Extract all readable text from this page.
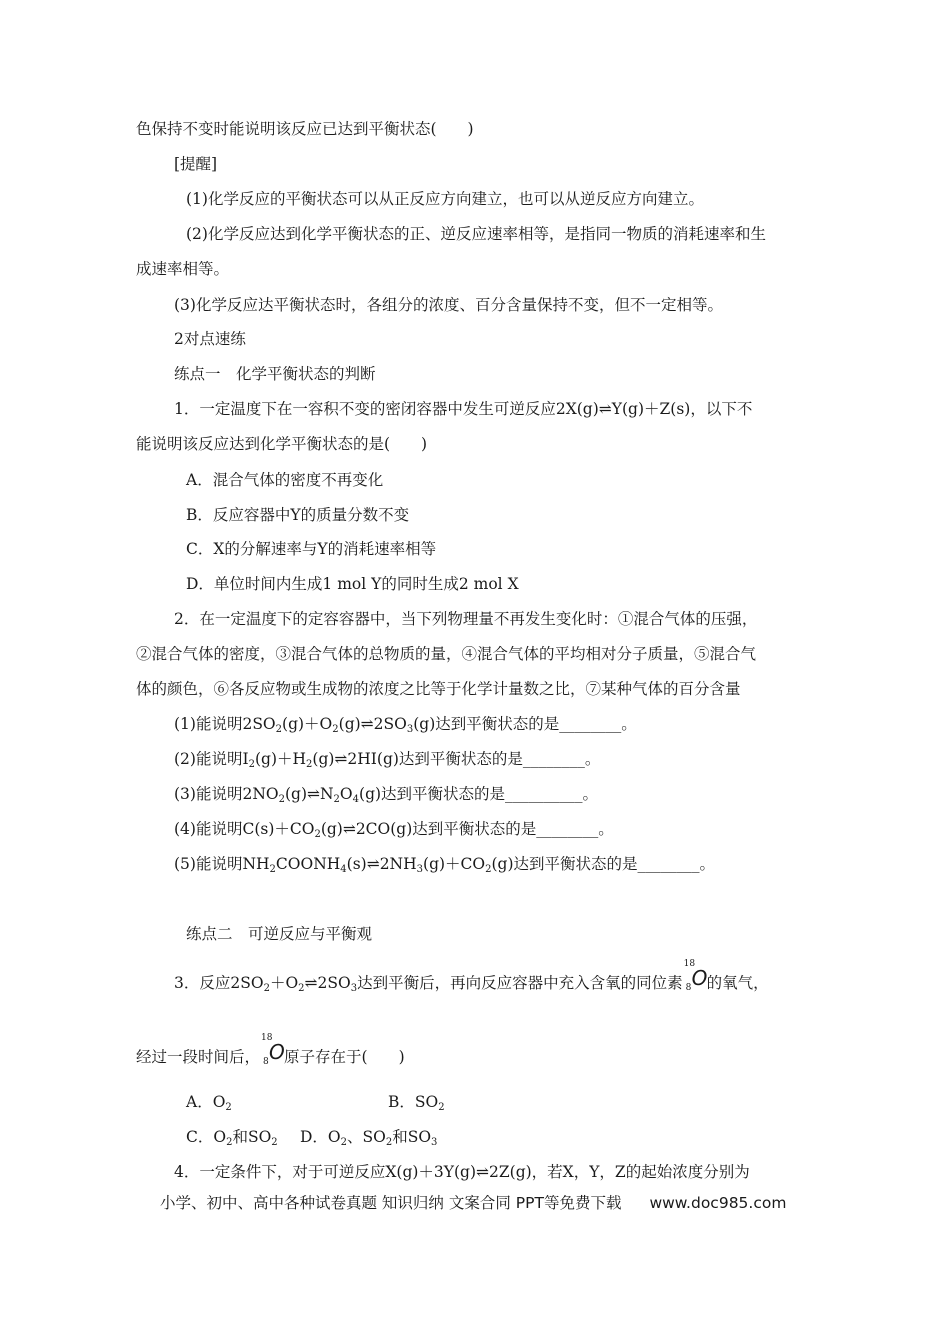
色保持不变时能说明该反应已达到平衡状态(　　)
[提醒]
(1)化学反应的平衡状态可以从正反应方向建立，也可以从逆反应方向建立。
(2)化学反应达到化学平衡状态的正、逆反应速率相等，是指同一物质的消耗速率和生
成速率相等。
(3)化学反应达平衡状态时，各组分的浓度、百分含量保持不变，但不一定相等。
2对点速练
练点一　化学平衡状态的判断
1．一定温度下在一容积不变的密闭容器中发生可逆反应2X(g)⇌Y(g)＋Z(s)，以下不
能说明该反应达到化学平衡状态的是(　　)
A．混合气体的密度不再变化
B．反应容器中Y的质量分数不变
C．X的分解速率与Y的消耗速率相等
D．单位时间内生成1 mol Y的同时生成2 mol X
2．在一定温度下的定容容器中，当下列物理量不再发生变化时：①混合气体的压强，
②混合气体的密度，③混合气体的总物质的量，④混合气体的平均相对分子质量，⑤混合气
体的颜色，⑥各反应物或生成物的浓度之比等于化学计量数之比，⑦某种气体的百分含量
(1)能说明$2SO_2(g)+O_2(g)\rightleftharpoons 2SO_3(g)$达到平衡状态的是________。
(2)能说明$I_2(g)+H_2(g)\rightleftharpoons 2HI(g)$达到平衡状态的是________。
(3)能说明$2NO_2(g)\rightleftharpoons N_2O_4(g)$达到平衡状态的是__________。
(4)能说明$C(s)+CO_2(g)\rightleftharpoons 2CO(g)$达到平衡状态的是________。
(5)能说明$NH_2COONH_4(s)\rightleftharpoons 2NH_3(g)+CO_2(g)$达到平衡状态的是________。
练点二　可逆反应与平衡观
3．反应$2SO_2+O_2\rightleftharpoons 2SO_3$达到平衡后，再向反应容器中充入含氧的同位素
18
8 O 的氧气，
经过一段时间后，
18
8 O 原子存在于(　　)
A．$O_2$	B．$SO_2$
C．$O_2$和$SO_2$ D．$O_2$、$SO_2$和$SO_3$
4．一定条件下，对于可逆反应X(g)＋3Y(g)⇌2Z(g)，若X，Y，Z的起始浓度分别为
小学、初中、高中各种试卷真题 知识归纳 文案合同 PPT等免费下载 www.doc985.com
